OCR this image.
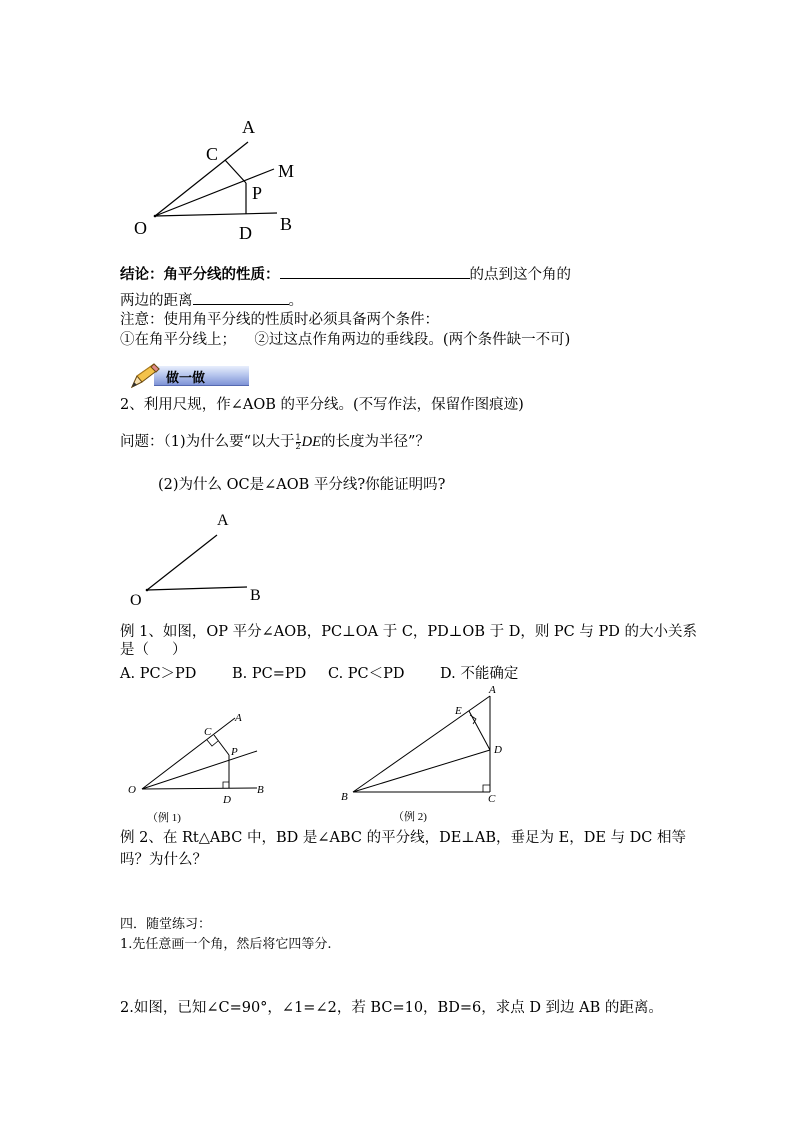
A
C
M
P
O	D B
结论：角平分线的性质：	的点到这个角的
两边的距离	。
注意：使用角平分线的性质时必须具备两个条件：
①在角平分线上；    ②过这点作角两边的垂线段。(两个条件缺一不可)
做一做
2、利用尺规，作∠AOB 的平分线。(不写作法，保留作图痕迹)
问题：（1)为什么要“以大于 $\frac{1}{2}$ DE的长度为半径”？
(2)为什么 OC是∠AOB 平分线?你能证明吗?
A
O	B
例 1、如图，OP 平分∠AOB，PC⊥OA 于 C，PD⊥OB 于 D，则 PC 与 PD 的大小关系
是（     ）
A. PC＞PD B. PC=PD C. PC＜PD D. 不能确定
C
A
P
O
D
B
（例 1)
A
E
D
B	C
（例 2)
例 2、在 Rt△ABC 中，BD 是∠ABC 的平分线，DE⊥AB，垂足为 E，DE 与 DC 相等
吗？为什么？
四．随堂练习：
1.先任意画一个角，然后将它四等分.
2.如图，已知∠C=90°，∠1=∠2，若 BC=10，BD=6，求点 D 到边 AB 的距离。
